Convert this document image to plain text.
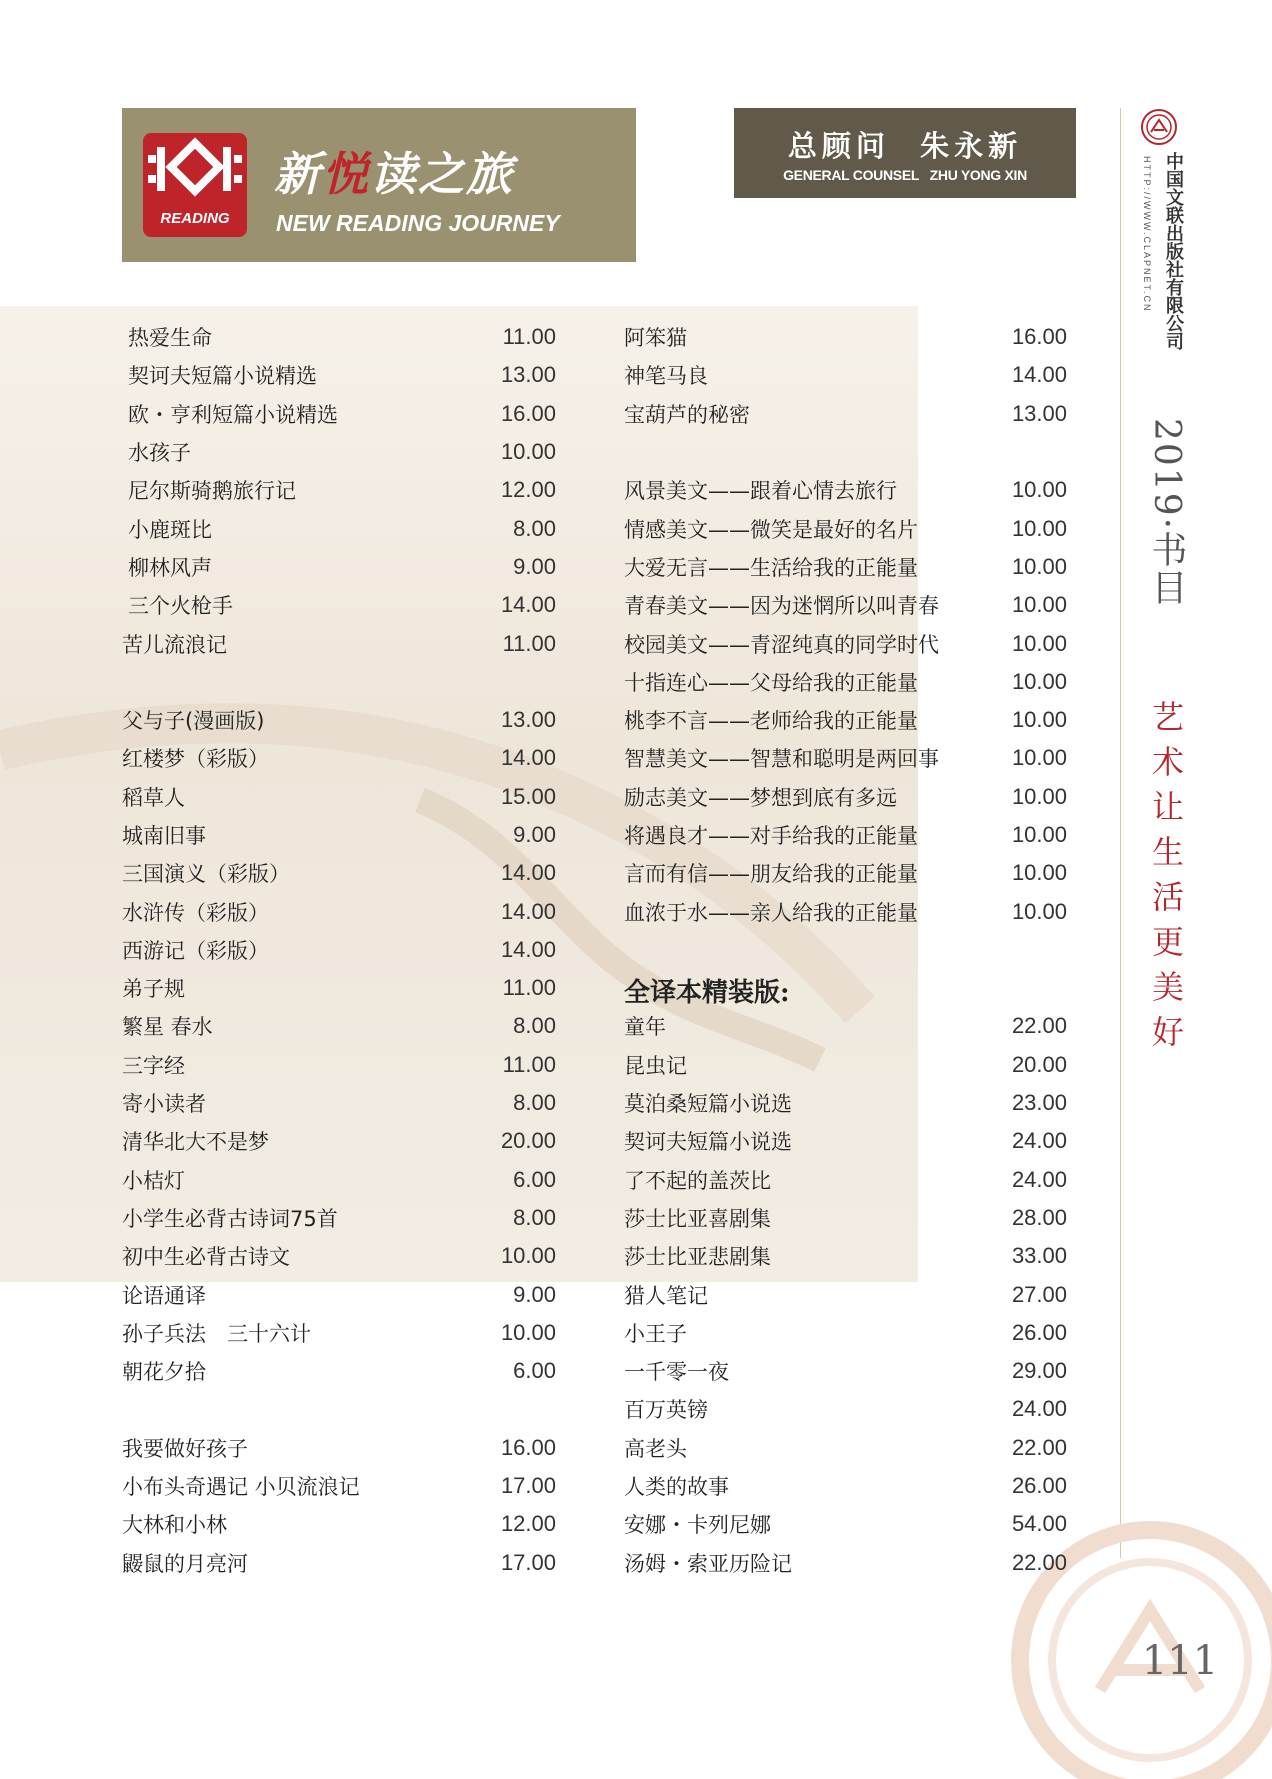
READING
新悦读之旅
NEW READING JOURNEY
总顾问  朱永新
GENERAL COUNSEL   ZHU YONG XIN	中国文联出版社有限公司
HTTP://WWW.CLAPNET.CN
2019·书目
艺术让生活更美好
111
热爱生命	11.00
契诃夫短篇小说精选	13.00
欧・亨利短篇小说精选	16.00
水孩子	10.00
尼尔斯骑鹅旅行记	12.00
小鹿斑比	8.00
柳林风声	9.00
三个火枪手	14.00
苦儿流浪记	11.00
父与子(漫画版)	13.00
红楼梦（彩版）	14.00
稻草人	15.00
城南旧事	9.00
三国演义（彩版）	14.00
水浒传（彩版）	14.00
西游记（彩版）	14.00
弟子规	11.00
繁星 春水	8.00
三字经	11.00
寄小读者	8.00
清华北大不是梦	20.00
小桔灯	6.00
小学生必背古诗词75首	8.00
初中生必背古诗文	10.00
论语通译	9.00
孙子兵法　三十六计	10.00
朝花夕拾	6.00
我要做好孩子	16.00
小布头奇遇记 小贝流浪记	17.00
大林和小林	12.00
鼹鼠的月亮河	17.00
阿笨猫	16.00
神笔马良	14.00
宝葫芦的秘密	13.00
风景美文——跟着心情去旅行	10.00
情感美文——微笑是最好的名片	10.00
大爱无言——生活给我的正能量	10.00
青春美文——因为迷惘所以叫青春	10.00
校园美文——青涩纯真的同学时代	10.00
十指连心——父母给我的正能量	10.00
桃李不言——老师给我的正能量	10.00
智慧美文——智慧和聪明是两回事	10.00
励志美文——梦想到底有多远	10.00
将遇良才——对手给我的正能量	10.00
言而有信——朋友给我的正能量	10.00
血浓于水——亲人给我的正能量	10.00
全译本精装版:
童年	22.00
昆虫记	20.00
莫泊桑短篇小说选	23.00
契诃夫短篇小说选	24.00
了不起的盖茨比	24.00
莎士比亚喜剧集	28.00
莎士比亚悲剧集	33.00
猎人笔记	27.00
小王子	26.00
一千零一夜	29.00
百万英镑	24.00
高老头	22.00
人类的故事	26.00
安娜・卡列尼娜	54.00
汤姆・索亚历险记	22.00
